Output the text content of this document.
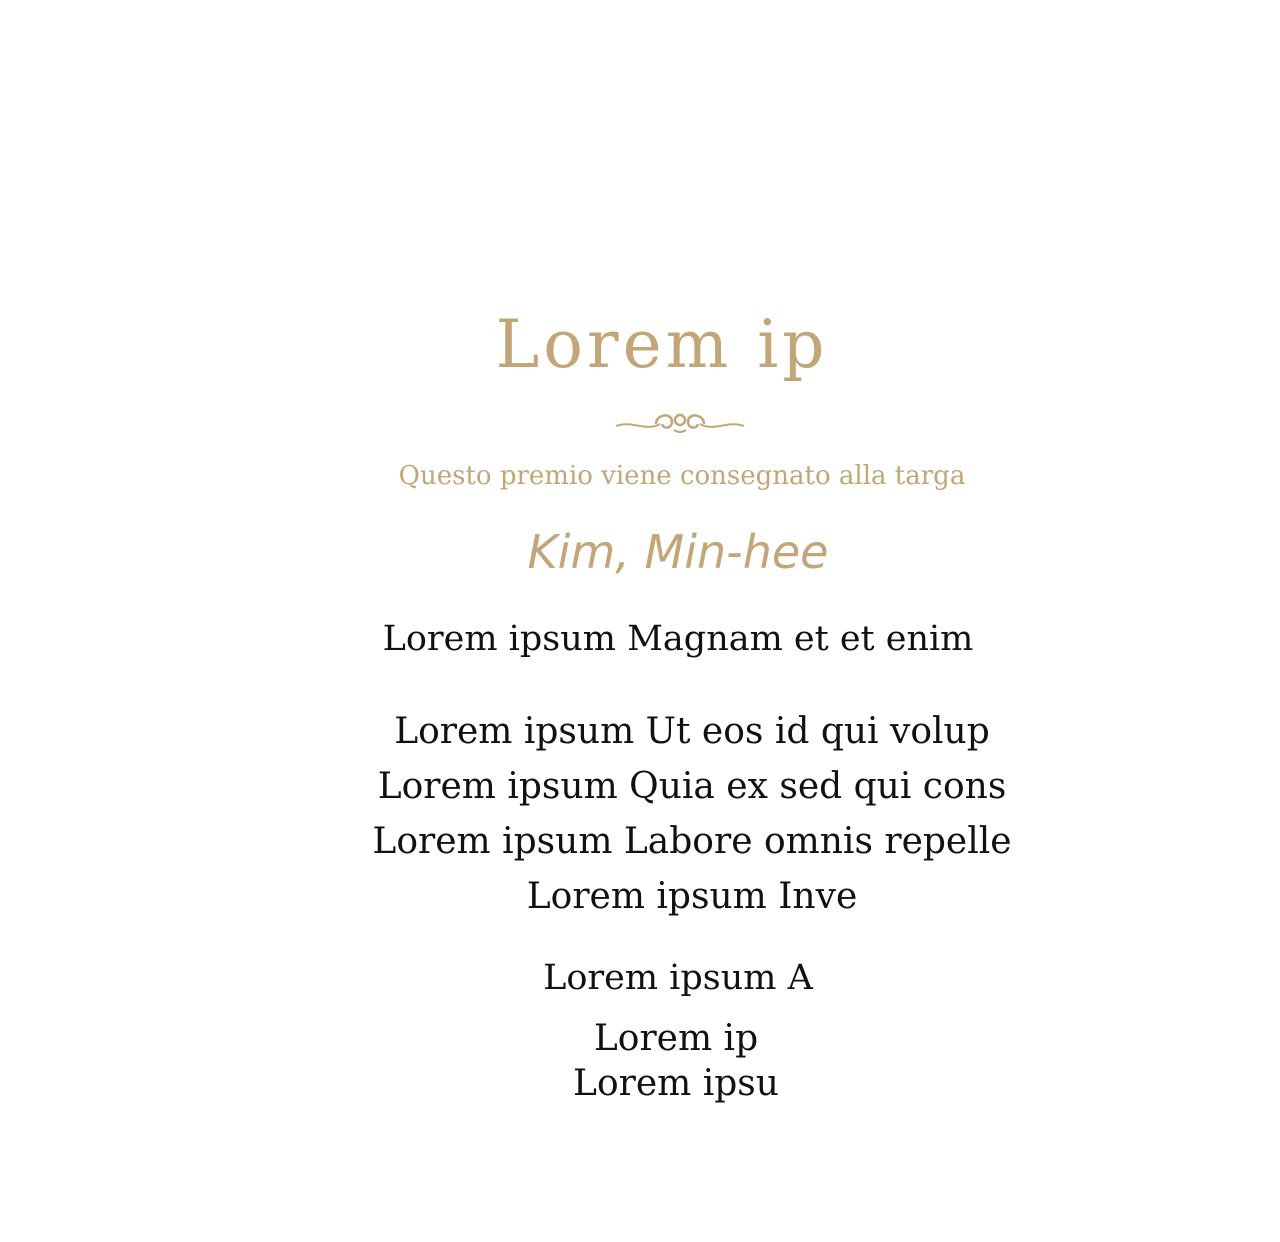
Lorem ip
Questo premio viene consegnato alla targa
Kim, Min-hee
Lorem ipsum Magnam et et enim
Lorem ipsum Ut eos id qui volup
Lorem ipsum Quia ex sed qui cons
Lorem ipsum Labore omnis repelle
Lorem ipsum Inve
Lorem ipsum A
Lorem ip
Lorem ipsu
